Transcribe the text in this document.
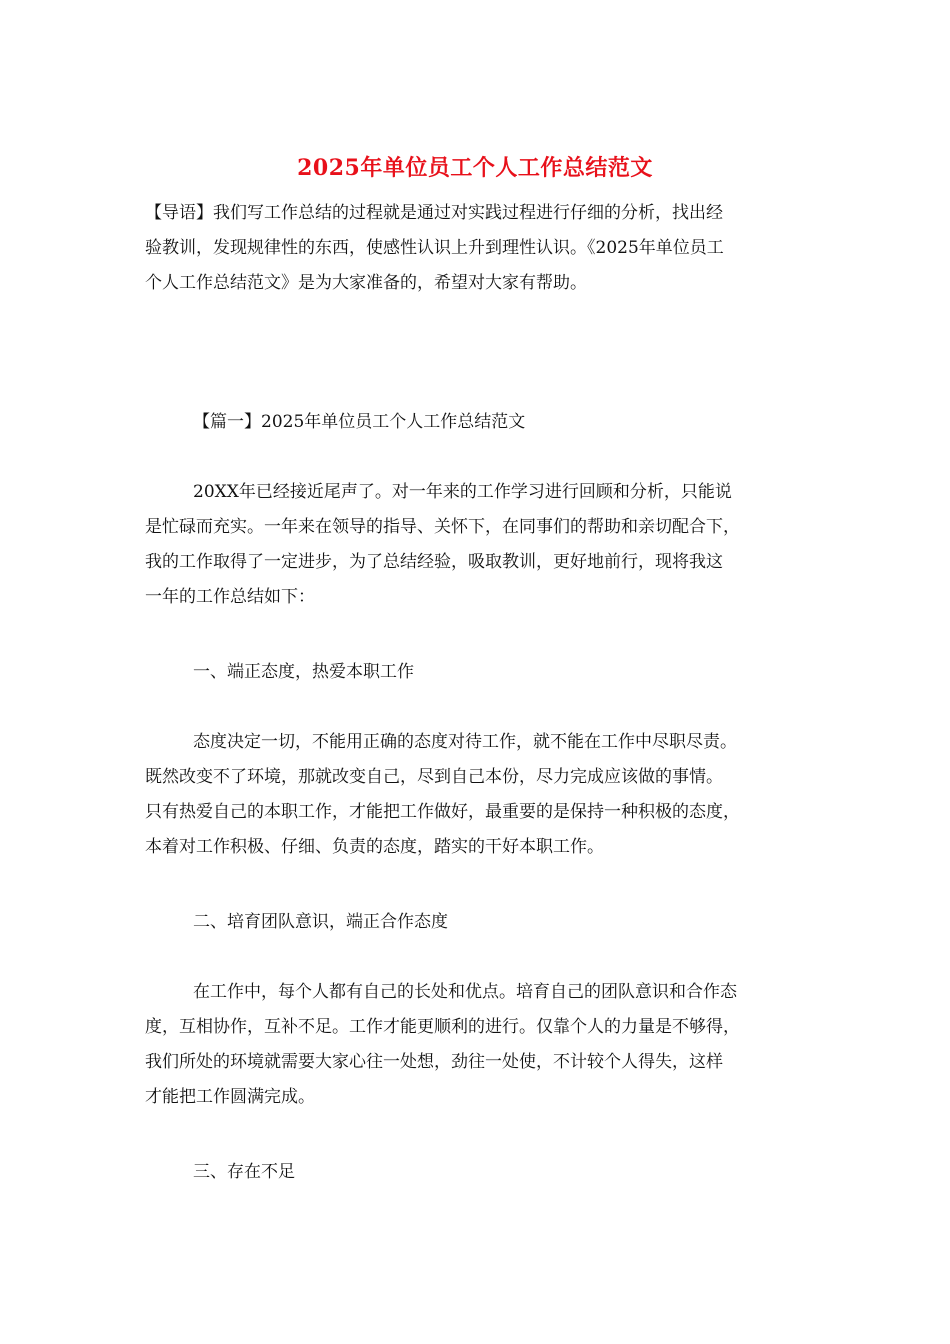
2025年单位员工个人工作总结范文
【导语】我们写工作总结的过程就是通过对实践过程进行仔细的分析，找出经
验教训，发现规律性的东西，使感性认识上升到理性认识。《2025年单位员工
个人工作总结范文》是为大家准备的，希望对大家有帮助。
【篇一】2025年单位员工个人工作总结范文
20XX年已经接近尾声了。对一年来的工作学习进行回顾和分析，只能说
是忙碌而充实。一年来在领导的指导、关怀下，在同事们的帮助和亲切配合下，
我的工作取得了一定进步，为了总结经验，吸取教训，更好地前行，现将我这
一年的工作总结如下：
一、端正态度，热爱本职工作
态度决定一切，不能用正确的态度对待工作，就不能在工作中尽职尽责。
既然改变不了环境，那就改变自己，尽到自己本份，尽力完成应该做的事情。
只有热爱自己的本职工作，才能把工作做好，最重要的是保持一种积极的态度，
本着对工作积极、仔细、负责的态度，踏实的干好本职工作。
二、培育团队意识，端正合作态度
在工作中，每个人都有自己的长处和优点。培育自己的团队意识和合作态
度，互相协作，互补不足。工作才能更顺利的进行。仅靠个人的力量是不够得，
我们所处的环境就需要大家心往一处想，劲往一处使，不计较个人得失，这样
才能把工作圆满完成。
三、存在不足
